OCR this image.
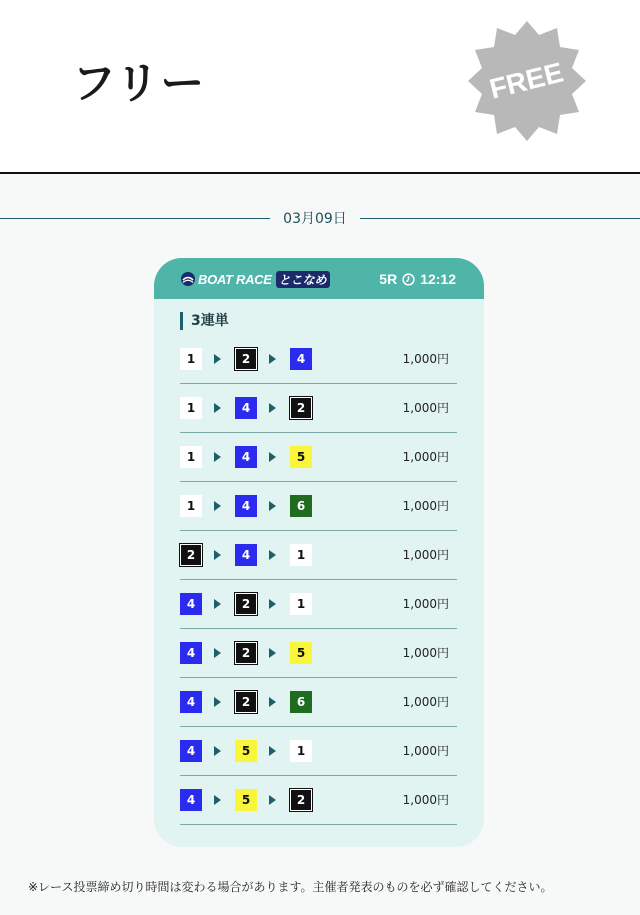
フリー	FREE
03月09日
BOAT RACE とこなめ	5R 12:12
3連単
1	2	4	1,000円
1	4	2	1,000円
1	4	5	1,000円
1	4	6	1,000円
2	4	1	1,000円
4	2	1	1,000円
4	2	5	1,000円
4	2	6	1,000円
4	5	1	1,000円
4	5	2	1,000円
※レース投票締め切り時間は変わる場合があります。主催者発表のものを必ず確認してください。
